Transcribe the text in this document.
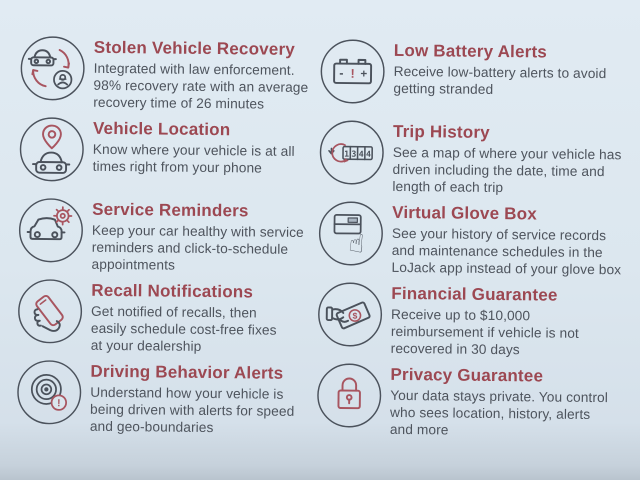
Stolen Vehicle Recovery
Integrated with law enforcement.
98% recovery rate with an average
recovery time of 26 minutes
Vehicle Location
Know where your vehicle is at all
times right from your phone
Service Reminders
Keep your car healthy with service
reminders and click-to-schedule
appointments
Recall Notifications
Get notified of recalls, then
easily schedule cost-free fixes
at your dealership
!
Driving Behavior Alerts
Understand how your vehicle is
being driven with alerts for speed
and geo-boundaries
- ! +
Low Battery Alerts
Receive low-battery alerts to avoid
getting stranded
1 3 4 4
Trip History
See a map of where your vehicle has
driven including the date, time and
length of each trip
☝
Virtual Glove Box
See your history of service records
and maintenance schedules in the
LoJack app instead of your glove box
$
Financial Guarantee
Receive up to $10,000
reimbursement if vehicle is not
recovered in 30 days
Privacy Guarantee
Your data stays private. You control
who sees location, history, alerts
and more
